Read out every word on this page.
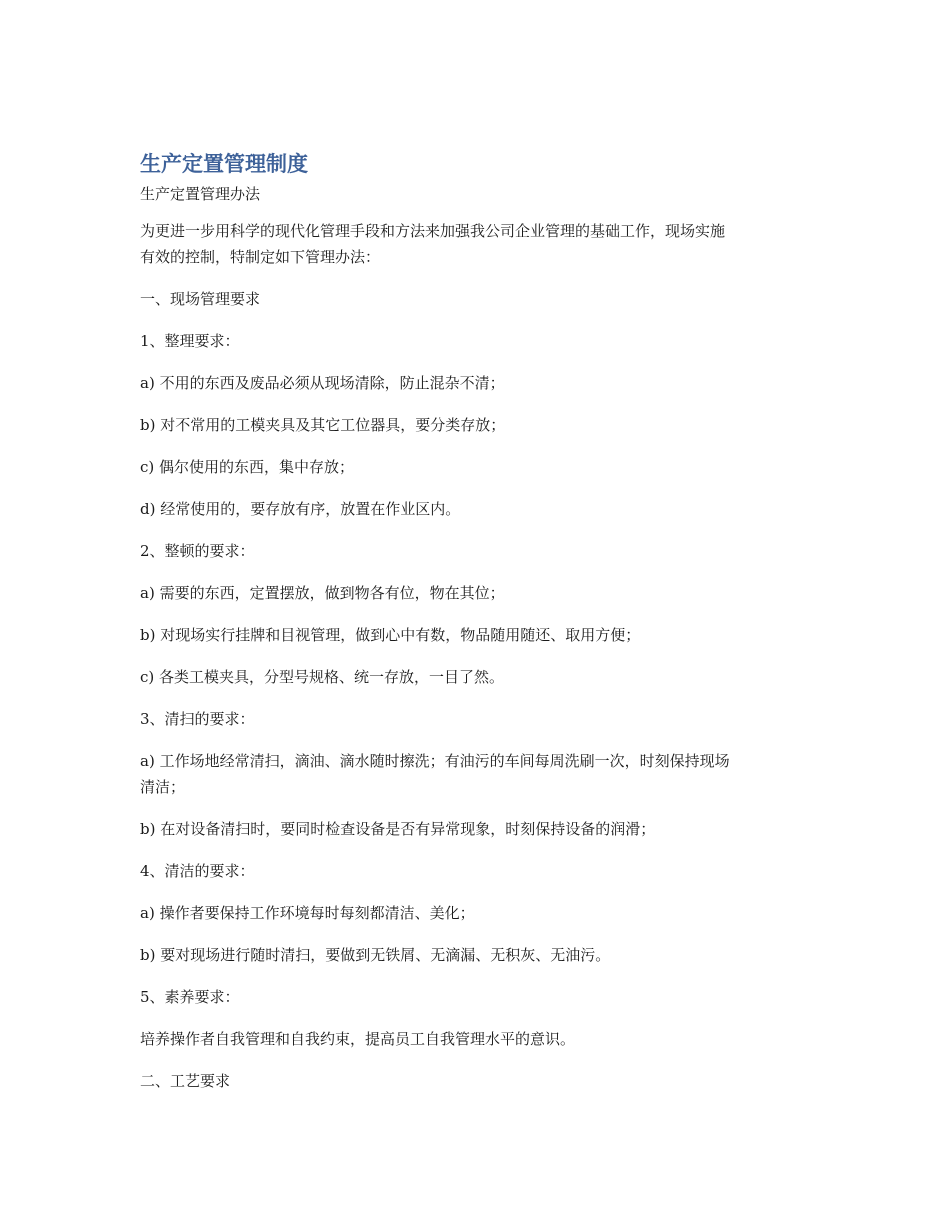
生产定置管理制度
生产定置管理办法

为更进一步用科学的现代化管理手段和方法来加强我公司企业管理的基础工作，现场实施
有效的控制，特制定如下管理办法：

一、现场管理要求

1、整理要求：

a) 不用的东西及废品必须从现场清除，防止混杂不清；

b) 对不常用的工模夹具及其它工位器具，要分类存放；

c) 偶尔使用的东西，集中存放；

d) 经常使用的，要存放有序，放置在作业区内。

2、整顿的要求：

a) 需要的东西，定置摆放，做到物各有位，物在其位；

b) 对现场实行挂牌和目视管理，做到心中有数，物品随用随还、取用方便；

c) 各类工模夹具，分型号规格、统一存放，一目了然。

3、清扫的要求：

a) 工作场地经常清扫，滴油、滴水随时擦洗；有油污的车间每周洗刷一次，时刻保持现场
清洁；

b) 在对设备清扫时，要同时检查设备是否有异常现象，时刻保持设备的润滑；

4、清洁的要求：

a) 操作者要保持工作环境每时每刻都清洁、美化；

b) 要对现场进行随时清扫，要做到无铁屑、无滴漏、无积灰、无油污。

5、素养要求：

培养操作者自我管理和自我约束，提高员工自我管理水平的意识。

二、工艺要求
